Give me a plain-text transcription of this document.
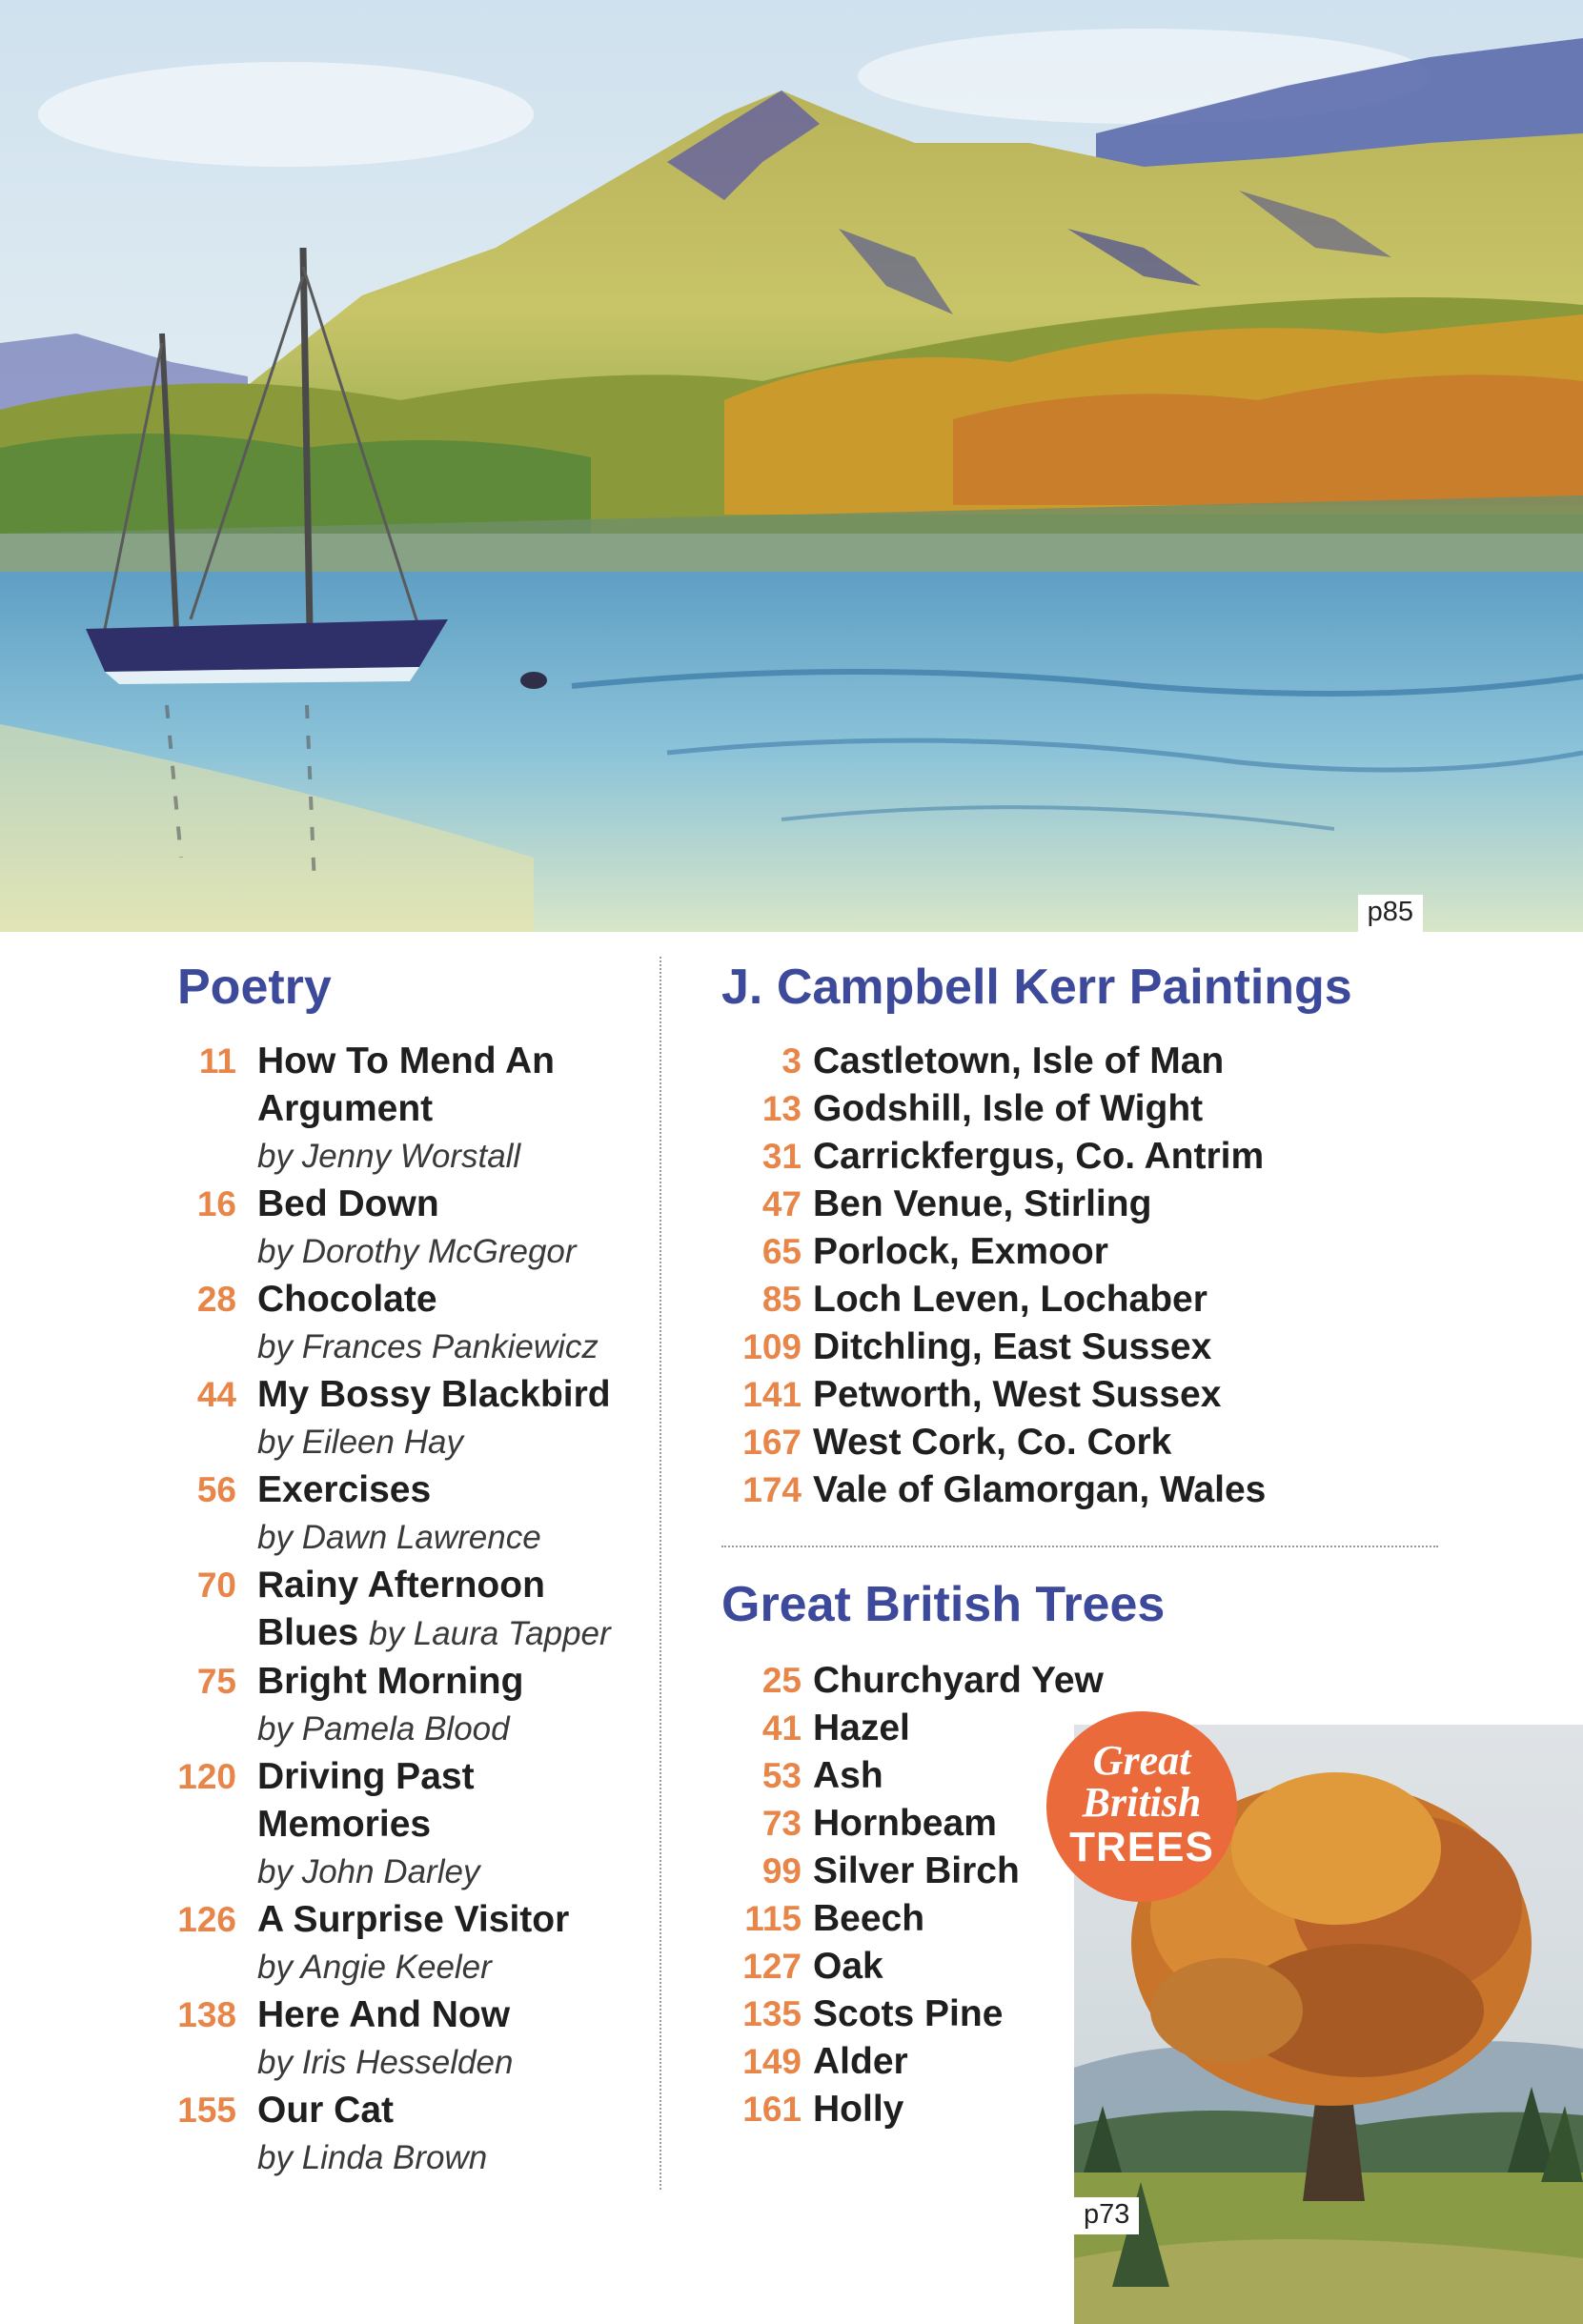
p85
Poetry
11 How To Mend An
Argument
by Jenny Worstall
16 Bed Down
by Dorothy McGregor
28 Chocolate
by Frances Pankiewicz
44 My Bossy Blackbird
by Eileen Hay
56 Exercises
by Dawn Lawrence
70 Rainy Afternoon
Blues by Laura Tapper
75 Bright Morning
by Pamela Blood
120 Driving Past
Memories
by John Darley
126 A Surprise Visitor
by Angie Keeler
138 Here And Now
by Iris Hesselden
155 Our Cat
by Linda Brown
J. Campbell Kerr Paintings
3 Castletown, Isle of Man
13 Godshill, Isle of Wight
31 Carrickfergus, Co. Antrim
47 Ben Venue, Stirling
65 Porlock, Exmoor
85 Loch Leven, Lochaber
109 Ditchling, East Sussex
141 Petworth, West Sussex
167 West Cork, Co. Cork
174 Vale of Glamorgan, Wales
p73
Great British Trees
25 Churchyard Yew
41 Hazel
53 Ash
73 Hornbeam
99 Silver Birch
115 Beech
127 Oak
135 Scots Pine
149 Alder
161 Holly
Great
British
TREES
